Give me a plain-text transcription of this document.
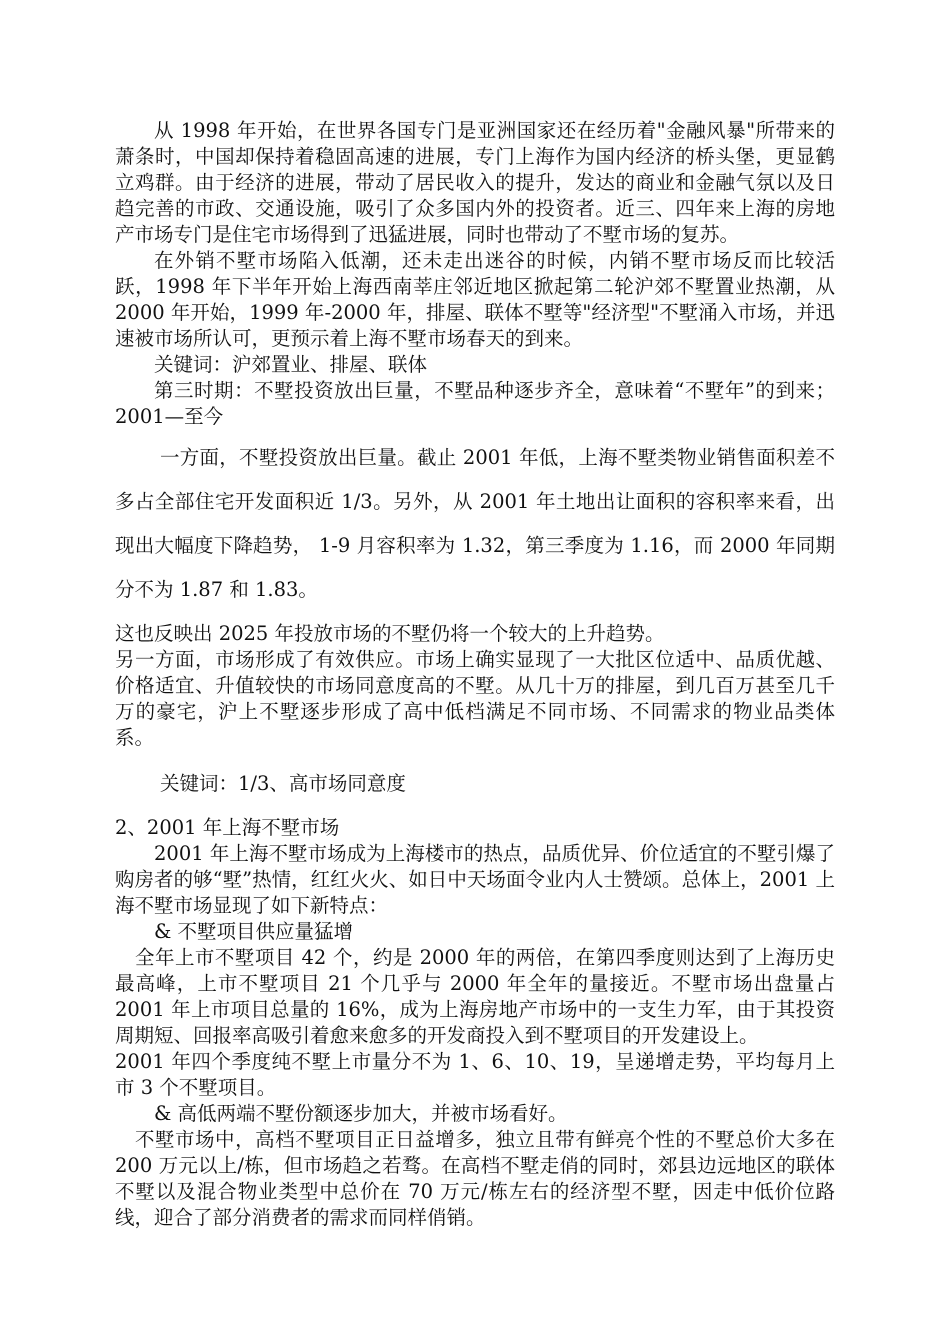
从 1998 年开始，在世界各国专门是亚洲国家还在经历着"金融风暴"所带来的萧条时，中国却保持着稳固高速的进展，专门上海作为国内经济的桥头堡，更显鹤立鸡群。由于经济的进展，带动了居民收入的提升，发达的商业和金融气氛以及日趋完善的市政、交通设施，吸引了众多国内外的投资者。近三、四年来上海的房地产市场专门是住宅市场得到了迅猛进展，同时也带动了不墅市场的复苏。

在外销不墅市场陷入低潮，还未走出迷谷的时候，内销不墅市场反而比较活跃，1998 年下半年开始上海西南莘庄邻近地区掀起第二轮沪郊不墅置业热潮，从 2000 年开始，1999 年-2000 年，排屋、联体不墅等"经济型"不墅涌入市场，并迅速被市场所认可，更预示着上海不墅市场春天的到来。

关键词：沪郊置业、排屋、联体

第三时期：不墅投资放出巨量，不墅品种逐步齐全，意味着“不墅年”的到来；2001—至今

一方面，不墅投资放出巨量。截止 2001 年低，上海不墅类物业销售面积差不多占全部住宅开发面积近 1/3。另外，从 2001 年土地出让面积的容积率来看，出现出大幅度下降趋势， 1-9 月容积率为 1.32，第三季度为 1.16，而 2000 年同期分不为 1.87 和 1.83。

这也反映出 2025 年投放市场的不墅仍将一个较大的上升趋势。

另一方面，市场形成了有效供应。市场上确实显现了一大批区位适中、品质优越、价格适宜、升值较快的市场同意度高的不墅。从几十万的排屋，到几百万甚至几千万的豪宅，沪上不墅逐步形成了高中低档满足不同市场、不同需求的物业品类体系。

关键词：1/3、高市场同意度

2、2001 年上海不墅市场

2001 年上海不墅市场成为上海楼市的热点，品质优异、价位适宜的不墅引爆了购房者的够“墅”热情，红红火火、如日中天场面令业内人士赞颂。总体上，2001 上海不墅市场显现了如下新特点：

& 不墅项目供应量猛增

全年上市不墅项目 42 个，约是 2000 年的两倍，在第四季度则达到了上海历史最高峰，上市不墅项目 21 个几乎与 2000 年全年的量接近。不墅市场出盘量占 2001 年上市项目总量的 16%，成为上海房地产市场中的一支生力军，由于其投资周期短、回报率高吸引着愈来愈多的开发商投入到不墅项目的开发建设上。

2001 年四个季度纯不墅上市量分不为 1、6、10、19，呈递增走势，平均每月上市 3 个不墅项目。

& 高低两端不墅份额逐步加大，并被市场看好。

不墅市场中，高档不墅项目正日益增多，独立且带有鲜亮个性的不墅总价大多在 200 万元以上/栋，但市场趋之若骛。在高档不墅走俏的同时，郊县边远地区的联体不墅以及混合物业类型中总价在 70 万元/栋左右的经济型不墅，因走中低价位路线，迎合了部分消费者的需求而同样俏销。
